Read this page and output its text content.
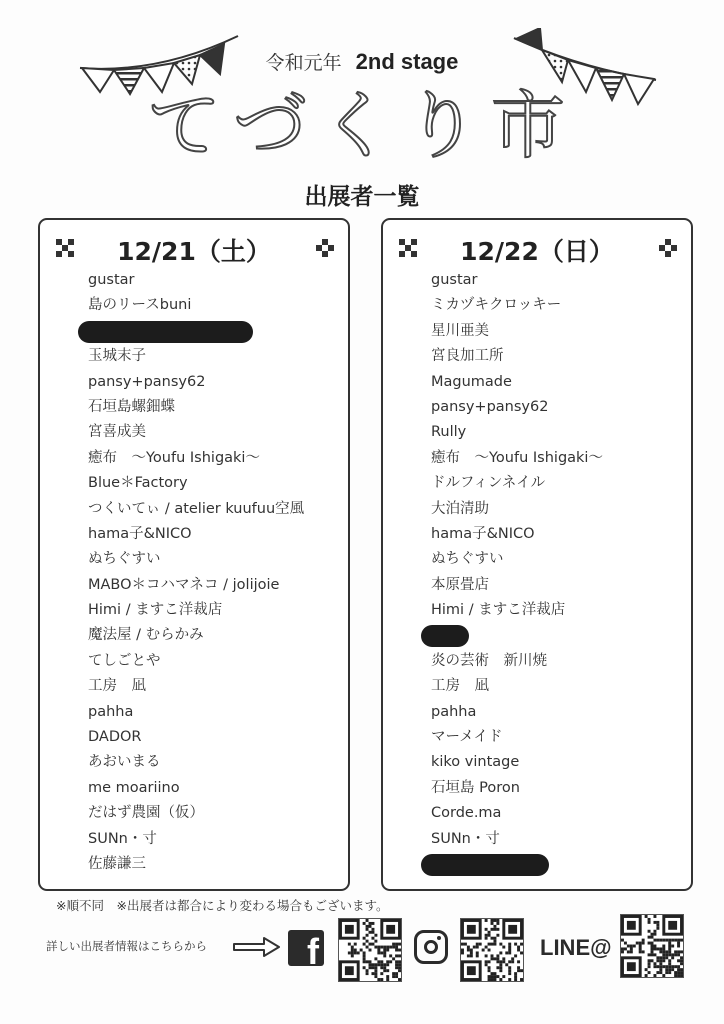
令和元年 2nd stage
てづくり市
出展者一覧
12/21（土）
gustar
島のリースbuni
玉城末子
pansy+pansy62
石垣島螺鈿蝶
宮喜成美
癒布　～Youfu Ishigaki～
Blue＊Factory
つくいてぃ / atelier kuufuu空風
hama子&NICO
ぬちぐすい
MABO＊コハマネコ / jolijoie
Himi / ますこ洋裁店
魔法屋 / むらかみ
てしごとや
工房　凪
pahha
DADOR
あおいまる
me moariino
だはず農園（仮）
SUNn・寸
佐藤謙三
12/22（日）
gustar
ミカヅキクロッキー
星川亜美
宮良加工所
Magumade
pansy+pansy62
Rully
癒布　～Youfu Ishigaki～
ドルフィンネイル
大泊清助
hama子&NICO
ぬちぐすい
本原畳店
Himi / ますこ洋裁店
炎の芸術　新川焼
工房　凪
pahha
マーメイド
kiko vintage
石垣島 Poron
Corde.ma
SUNn・寸
※順不同　※出展者は都合により変わる場合もございます。
詳しい出展者情報はこちらから	f	LINE@
